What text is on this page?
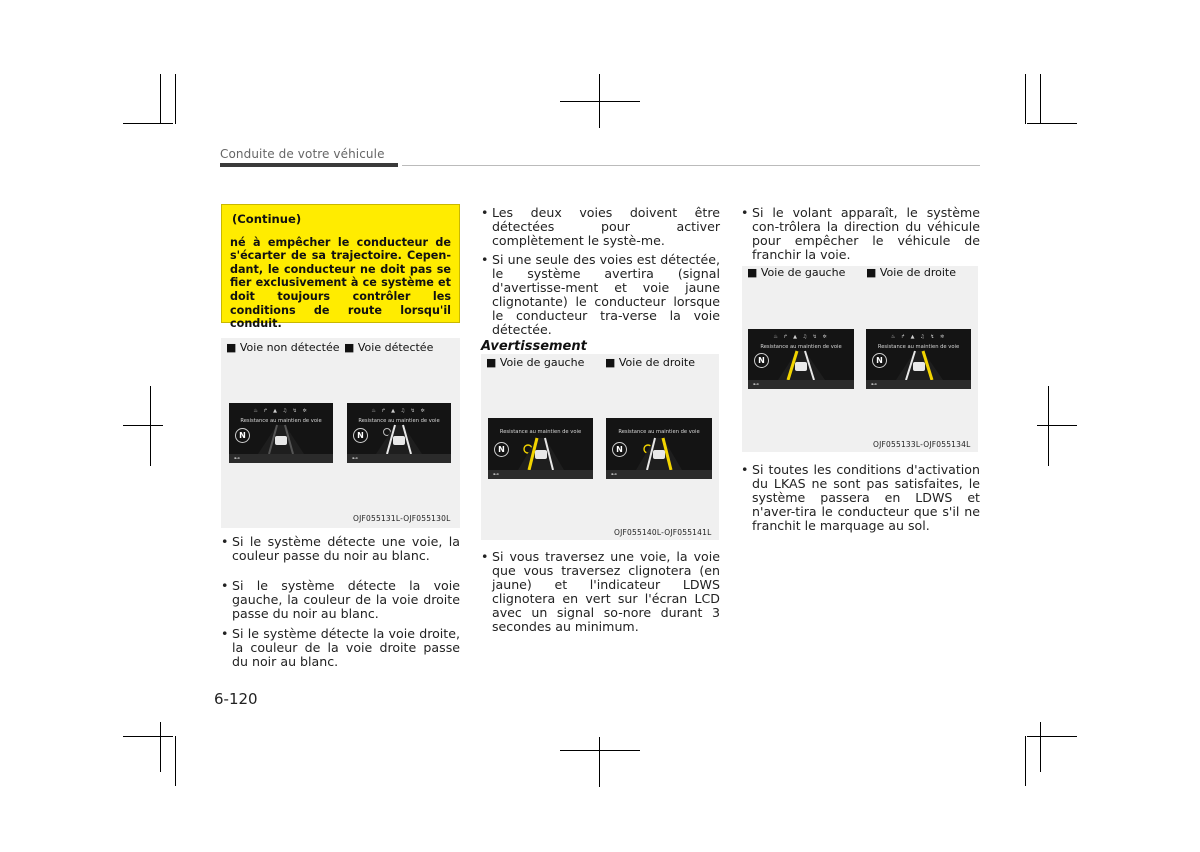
Conduite de votre véhicule
(Continue)
né à empêcher le conducteur de s'écarter de sa trajectoire. Cepen-dant, le conducteur ne doit pas se fier exclusivement à ce système et doit toujours contrôler les conditions de route lorsqu'il conduit.
■ Voie non détectée ■ Voie détectée
♨ ↱ ▲ ♫ ↯ ✲
Resistance au maintien de voie
N
⊷
♨ ↱ ▲ ♫ ↯ ✲
Resistance au maintien de voie
N
⊷
OJF055131L-OJF055130L
• Si le système détecte une voie, la couleur passe du noir au blanc.
• Si le système détecte la voie gauche, la couleur de la voie droite passe du noir au blanc.
• Si le système détecte la voie droite, la couleur de la voie droite passe du noir au blanc.
• Les deux voies doivent être détectées pour activer complètement le systè-me.
• Si une seule des voies est détectée, le système avertira (signal d'avertisse-ment et voie jaune clignotante) le conducteur lorsque le conducteur tra-verse la voie détectée.
Avertissement
■ Voie de gauche ■ Voie de droite
Resistance au maintien de voie
N
⊷
Resistance au maintien de voie
N
⊷
OJF055140L-OJF055141L
• Si vous traversez une voie, la voie que vous traversez clignotera (en jaune) et l'indicateur LDWS clignotera en vert sur l'écran LCD avec un signal so-nore durant 3 secondes au minimum.
• Si le volant apparaît, le système con-trôlera la direction du véhicule pour empêcher le véhicule de franchir la voie.
■ Voie de gauche ■ Voie de droite
♨ ↱ ▲ ♫ ↯ ✲
Resistance au maintien de voie
N
⊷
♨ ↱ ▲ ♫ ↯ ✲
Resistance au maintien de voie
N
⊷
OJF055133L-OJF055134L
• Si toutes les conditions d'activation du LKAS ne sont pas satisfaites, le système passera en LDWS et n'aver-tira le conducteur que s'il ne franchit le marquage au sol.
6-120
